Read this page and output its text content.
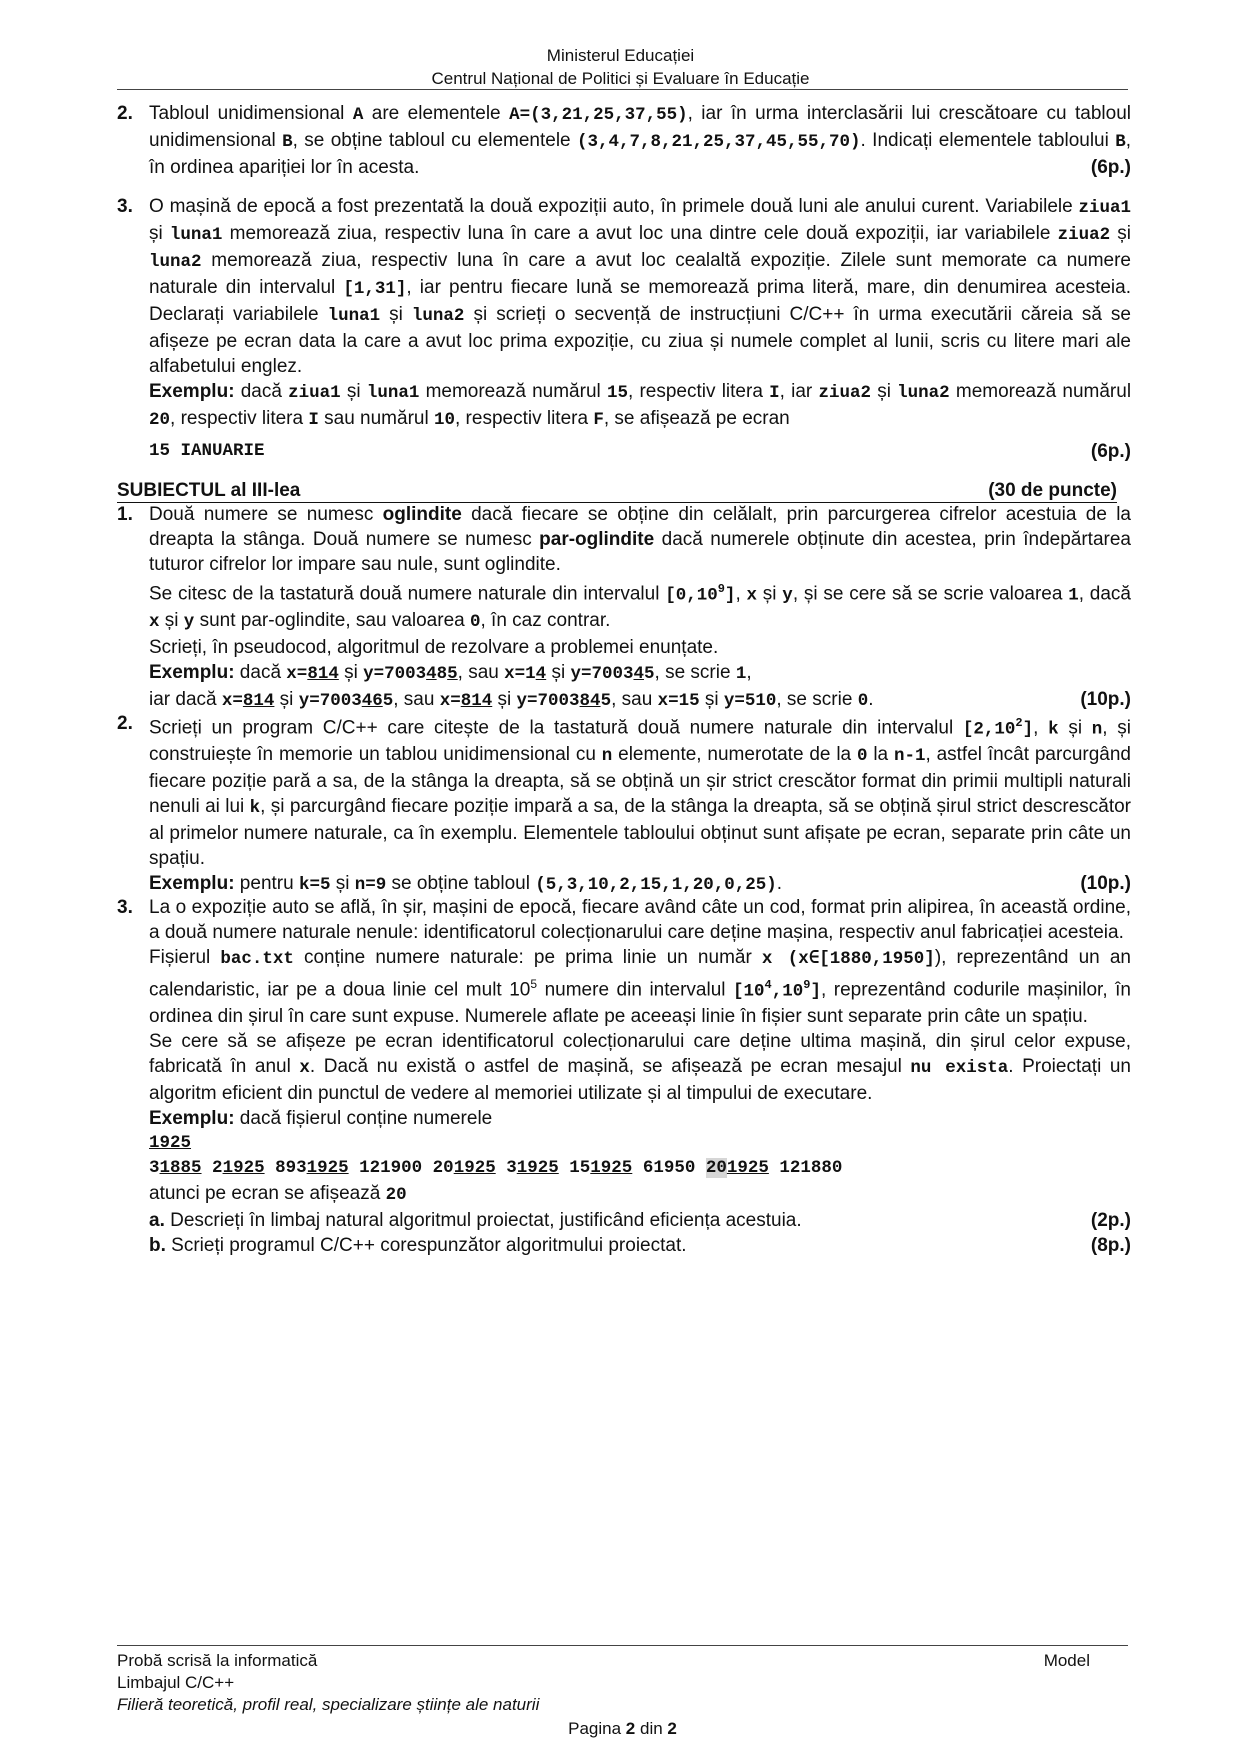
Ministerul Educației
Centrul Național de Politici și Evaluare în Educație
2. Tabloul unidimensional A are elementele A=(3,21,25,37,55), iar în urma interclasării lui crescătoare cu tabloul unidimensional B, se obține tabloul cu elementele (3,4,7,8,21,25,37,45,55,70). Indicați elementele tabloului B, în ordinea apariției lor în acesta.	(6p.)
3. O mașină de epocă a fost prezentată la două expoziții auto, în primele două luni ale anului curent. Variabilele ziua1 și luna1 memorează ziua, respectiv luna în care a avut loc una dintre cele două expoziții, iar variabilele ziua2 și luna2 memorează ziua, respectiv luna în care a avut loc cealaltă expoziție. Zilele sunt memorate ca numere naturale din intervalul [1,31], iar pentru fiecare lună se memorează prima literă, mare, din denumirea acesteia. Declarați variabilele luna1 și luna2 și scrieți o secvență de instrucțiuni C/C++ în urma executării căreia să se afișeze pe ecran data la care a avut loc prima expoziție, cu ziua și numele complet al lunii, scris cu litere mari ale alfabetului englez.
Exemplu: dacă ziua1 și luna1 memorează numărul 15, respectiv litera I, iar ziua2 și luna2 memorează numărul 20, respectiv litera I sau numărul 10, respectiv litera F, se afișează pe ecran
15 IANUARIE	(6p.)
SUBIECTUL al III-lea	(30 de puncte)
1. Două numere se numesc oglindite dacă fiecare se obține din celălalt, prin parcurgerea cifrelor acestuia de la dreapta la stânga. Două numere se numesc par-oglindite dacă numerele obținute din acestea, prin îndepărtarea tuturor cifrelor lor impare sau nule, sunt oglindite.
Se citesc de la tastatură două numere naturale din intervalul [0,10$^9$], x și y, și se cere să se scrie valoarea 1, dacă x și y sunt par-oglindite, sau valoarea 0, în caz contrar.
Scrieți, în pseudocod, algoritmul de rezolvare a problemei enunțate.
Exemplu: dacă x=814 și y=7003485, sau x=14 și y=700345, se scrie 1,
iar dacă x=814 și y=7003465, sau x=814 și y=7003845, sau x=15 și y=510, se scrie 0.	(10p.)
2. Scrieți un program C/C++ care citește de la tastatură două numere naturale din intervalul [2,10$^2$], k și n, și construiește în memorie un tablou unidimensional cu n elemente, numerotate de la 0 la n-1, astfel încât parcurgând fiecare poziție pară a sa, de la stânga la dreapta, să se obțină un șir strict crescător format din primii multipli naturali nenuli ai lui k, și parcurgând fiecare poziție impară a sa, de la stânga la dreapta, să se obțină șirul strict descrescător al primelor numere naturale, ca în exemplu. Elementele tabloului obținut sunt afișate pe ecran, separate prin câte un spațiu.
Exemplu: pentru k=5 și n=9 se obține tabloul (5,3,10,2,15,1,20,0,25).	(10p.)
3. La o expoziție auto se află, în șir, mașini de epocă, fiecare având câte un cod, format prin alipirea, în această ordine, a două numere naturale nenule: identificatorul colecționarului care deține mașina, respectiv anul fabricației acesteia.
Fișierul bac.txt conține numere naturale: pe prima linie un număr x (x∈[1880,1950]), reprezentând un an calendaristic, iar pe a doua linie cel mult $10^5$ numere din intervalul $[10^4,10^9]$, reprezentând codurile mașinilor, în ordinea din șirul în care sunt expuse. Numerele aflate pe aceeași linie în fișier sunt separate prin câte un spațiu.
Se cere să se afișeze pe ecran identificatorul colecționarului care deține ultima mașină, din șirul celor expuse, fabricată în anul x. Dacă nu există o astfel de mașină, se afișează pe ecran mesajul nu exista. Proiectați un algoritm eficient din punctul de vedere al memoriei utilizate și al timpului de executare.
Exemplu: dacă fișierul conține numerele
1925
31885 21925 8931925 121900 201925 31925 151925 61950 201925 121880
atunci pe ecran se afișează 20
a. Descrieți în limbaj natural algoritmul proiectat, justificând eficiența acestuia.	(2p.)
b. Scrieți programul C/C++ corespunzător algoritmului proiectat.	(8p.)
Probă scrisă la informatică
Limbajul C/C++
Filieră teoretică, profil real, specializare științe ale naturii
Model
Pagina 2 din 2
